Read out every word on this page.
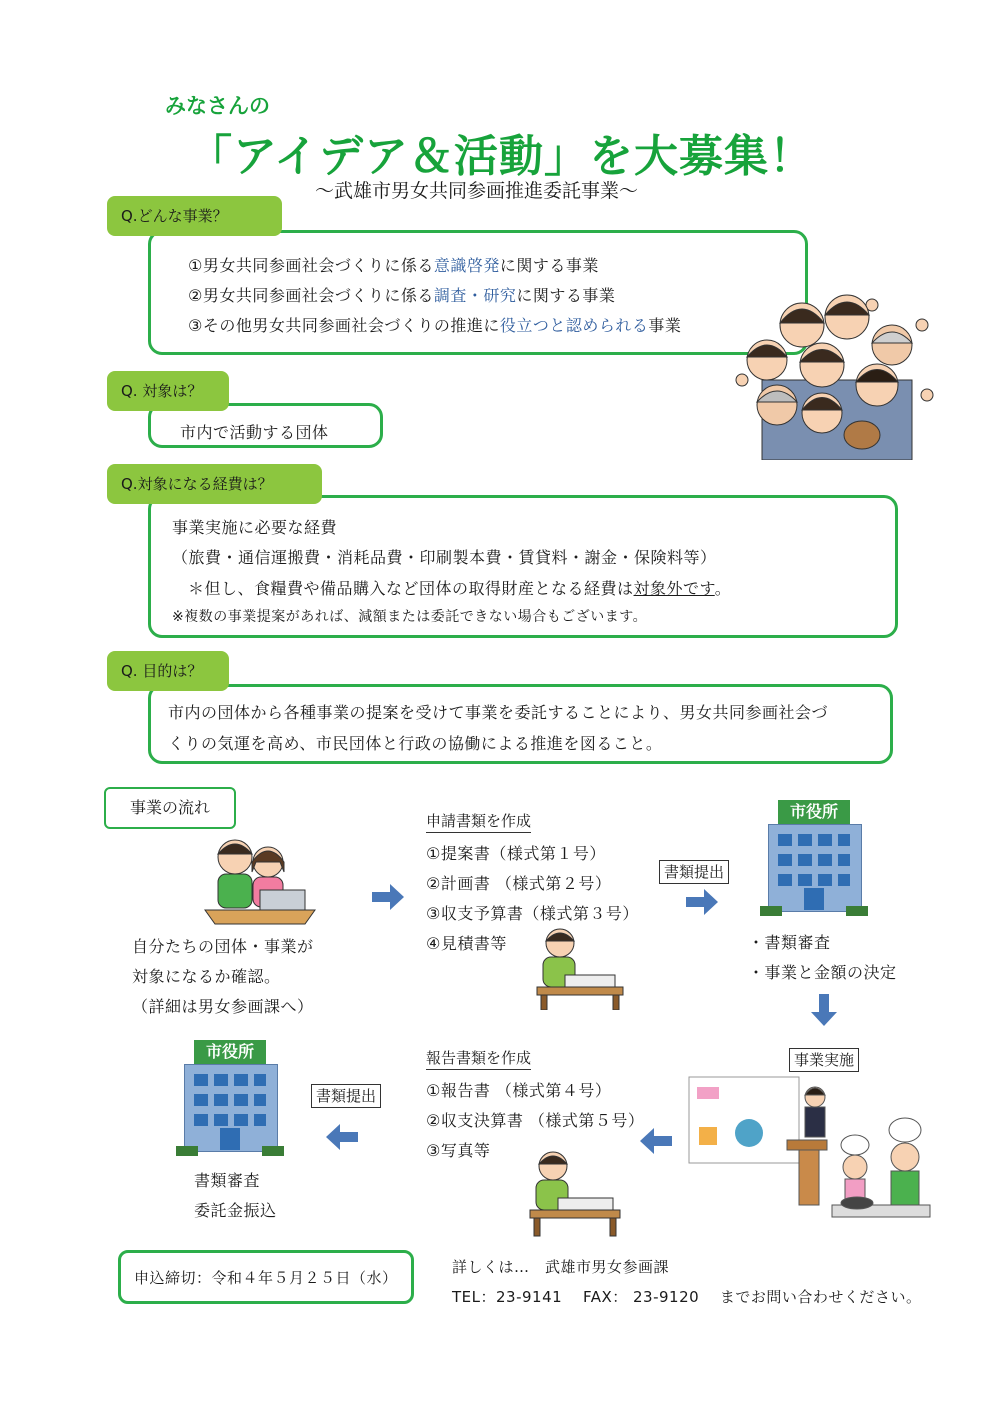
みなさんの
「アイデア＆活動」を大募集！
～武雄市男女共同参画推進委託事業～
Q.どんな事業？
①男女共同参画社会づくりに係る意識啓発に関する事業
②男女共同参画社会づくりに係る調査・研究に関する事業
③その他男女共同参画社会づくりの推進に役立つと認められる事業
Q. 対象は？
市内で活動する団体
Q.対象になる経費は？
事業実施に必要な経費
（旅費・通信運搬費・消耗品費・印刷製本費・賃貸料・謝金・保険料等）
＊但し、食糧費や備品購入など団体の取得財産となる経費は対象外です。
※複数の事業提案があれば、減額または委託できない場合もございます。
Q. 目的は？
市内の団体から各種事業の提案を受けて事業を委託することにより、男女共同参画社会づ
くりの気運を高め、市民団体と行政の協働による推進を図ること。
事業の流れ
自分たちの団体・事業が
対象になるか確認。
（詳細は男女参画課へ）
申請書類を作成
①提案書（様式第１号）
②計画書 （様式第２号）
③収支予算書（様式第３号）
④見積書等
書類提出
市役所
・書類審査
・事業と金額の決定
事業実施
報告書類を作成
①報告書 （様式第４号）
②収支決算書 （様式第５号）
③写真等
書類提出
市役所
書類審査
委託金振込
申込締切：令和４年５月２５日（水）
詳しくは…　武雄市男女参画課
TEL：23-9141　 FAX： 23-9120　 までお問い合わせください。
